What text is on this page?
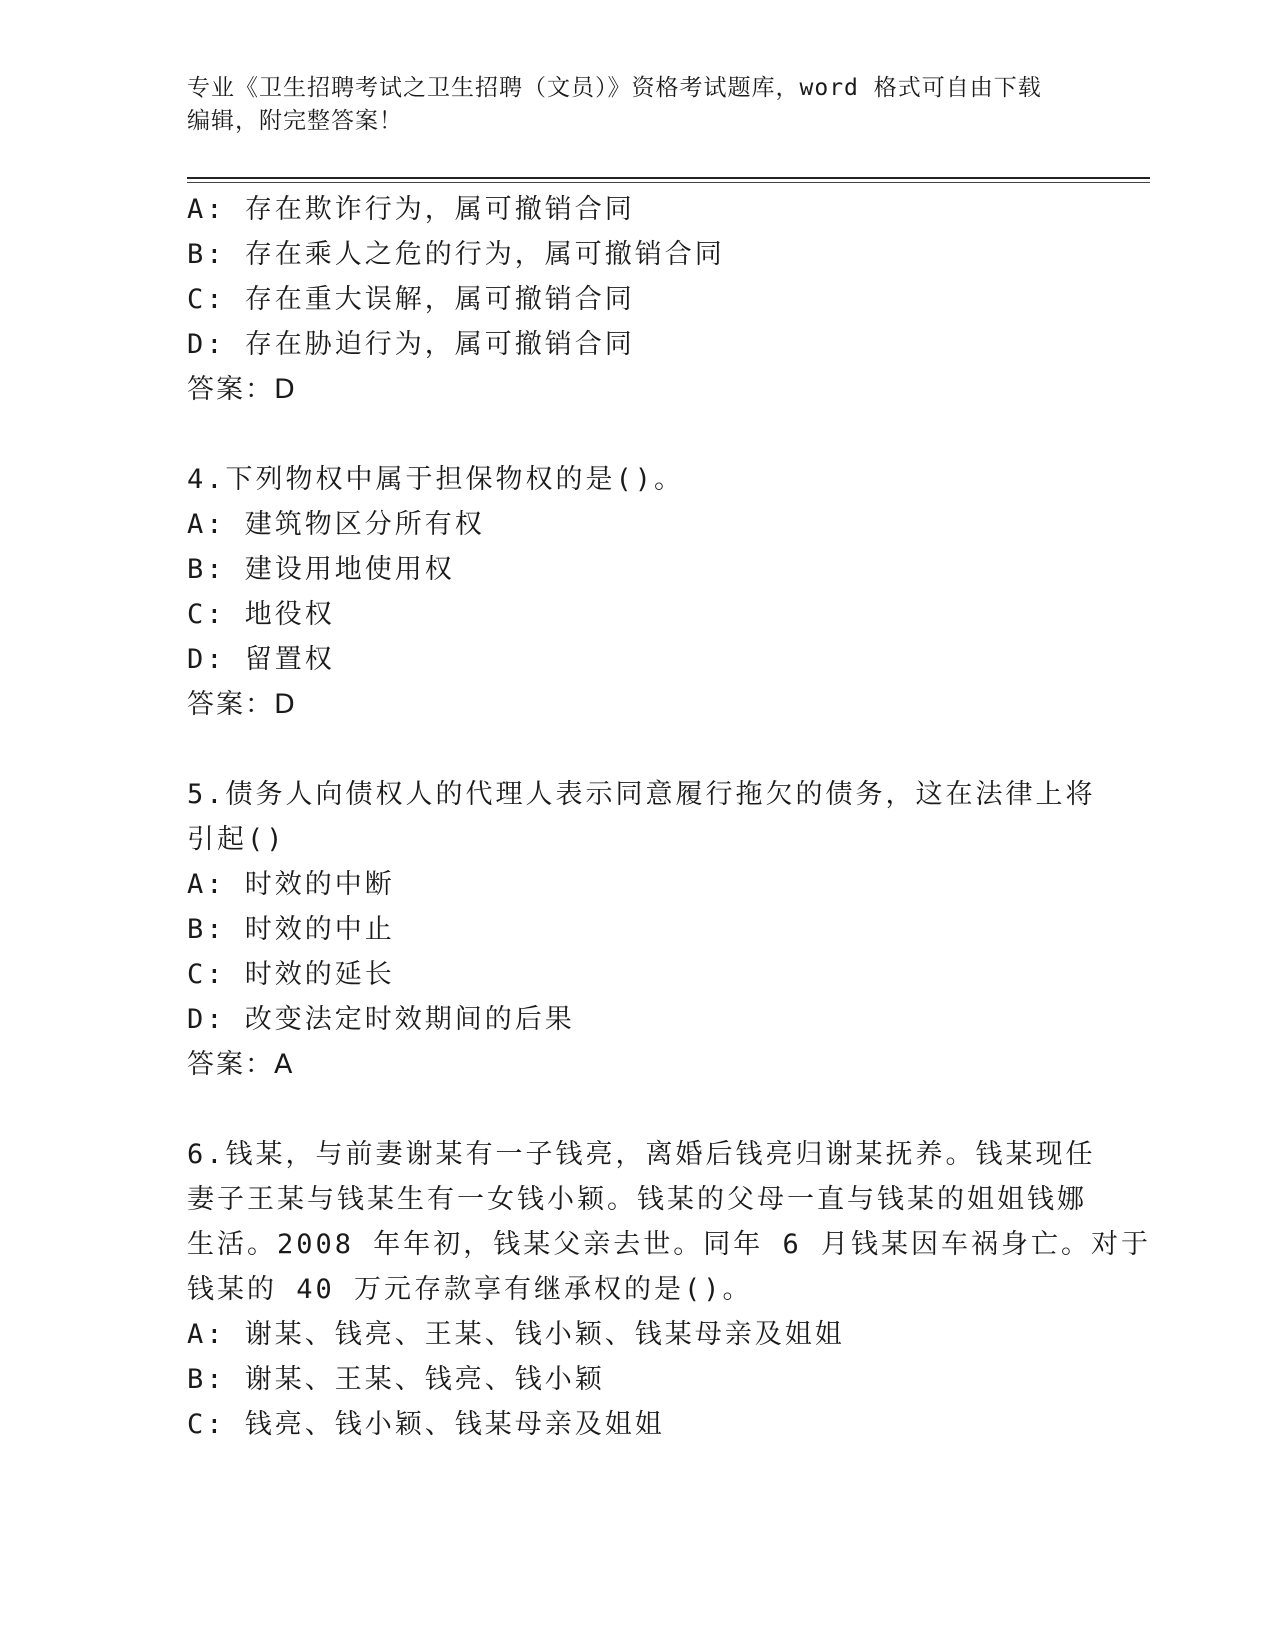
专业《卫生招聘考试之卫生招聘（文员）》资格考试题库，word 格式可自由下载
编辑，附完整答案！
A: 存在欺诈行为，属可撤销合同
B: 存在乘人之危的行为，属可撤销合同
C: 存在重大误解，属可撤销合同
D: 存在胁迫行为，属可撤销合同
答案：D
4.下列物权中属于担保物权的是()。
A: 建筑物区分所有权
B: 建设用地使用权
C: 地役权
D: 留置权
答案：D
5.债务人向债权人的代理人表示同意履行拖欠的债务，这在法律上将
引起()
A: 时效的中断
B: 时效的中止
C: 时效的延长
D: 改变法定时效期间的后果
答案：A
6.钱某，与前妻谢某有一子钱亮，离婚后钱亮归谢某抚养。钱某现任
妻子王某与钱某生有一女钱小颖。钱某的父母一直与钱某的姐姐钱娜
生活。2008 年年初，钱某父亲去世。同年 6 月钱某因车祸身亡。对于
钱某的 40 万元存款享有继承权的是()。
A: 谢某、钱亮、王某、钱小颖、钱某母亲及姐姐
B: 谢某、王某、钱亮、钱小颖
C: 钱亮、钱小颖、钱某母亲及姐姐
